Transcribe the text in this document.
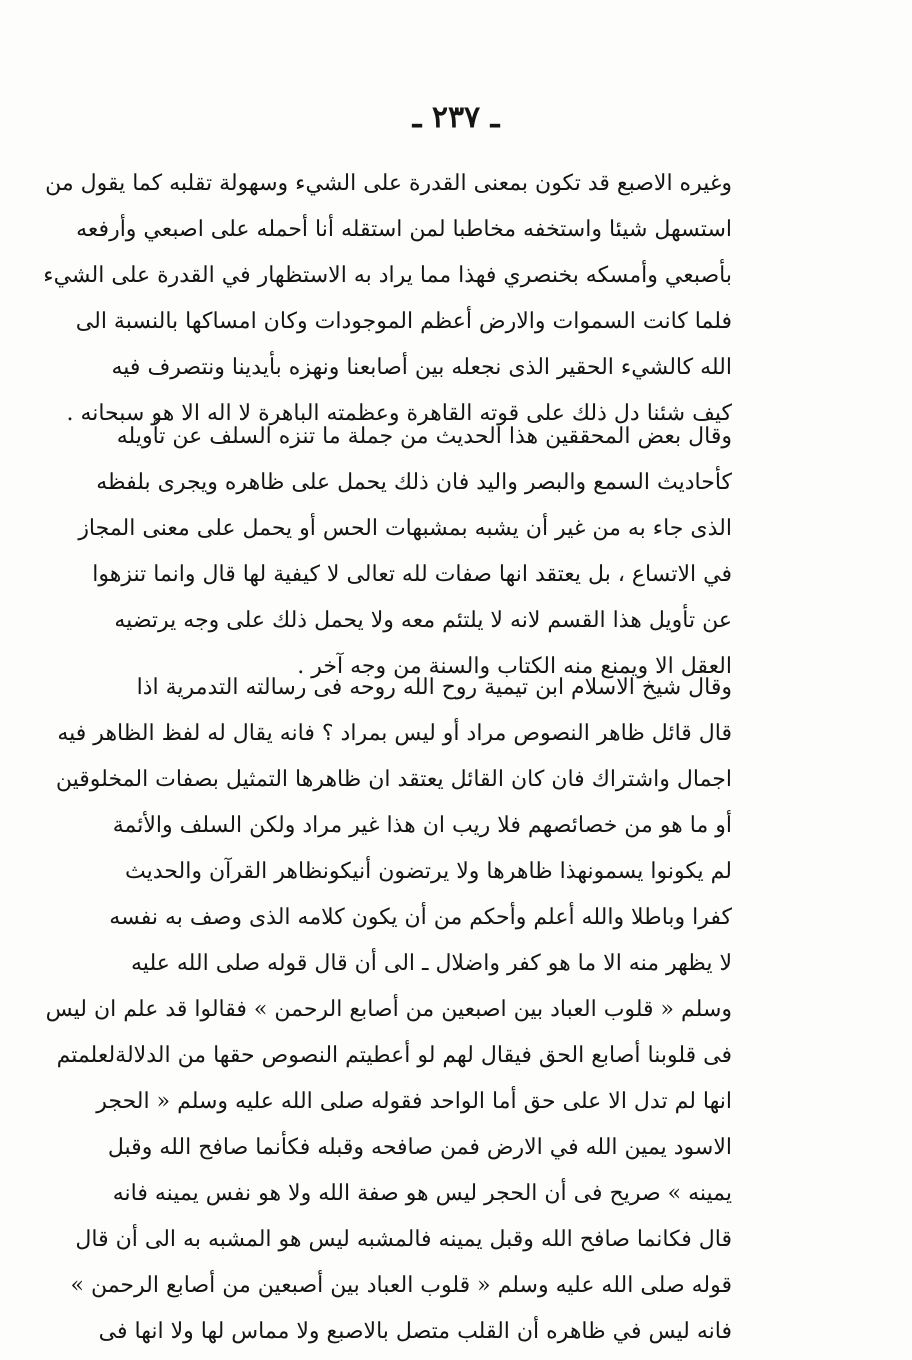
ـ ٢٣٧ ـ
وغيره الاصبع قد تكون بمعنى القدرة على الشيء وسهولة تقلبه كما يقول من
استسهل شيئا واستخفه مخاطبا لمن استقله أنا أحمله على اصبعي وأرفعه
بأصبعي وأمسكه بخنصري فهذا مما يراد به الاستظهار في القدرة على الشيء
فلما كانت السموات والارض أعظم الموجودات وكان امساكها بالنسبة الى
الله كالشيء الحقير الذى نجعله بين أصابعنا ونهزه بأيدينا ونتصرف فيه
كيف شئنا دل ذلك على قوته القاهرة وعظمته الباهرة لا اله الا هو سبحانه .
وقال بعض المحققين هذا الحديث من جملة ما تنزه السلف عن تأويله
كأحاديث السمع والبصر واليد فان ذلك يحمل على ظاهره ويجرى بلفظه
الذى جاء به من غير أن يشبه بمشبهات الحس أو يحمل على معنى المجاز
في الاتساع ، بل يعتقد انها صفات لله تعالى لا كيفية لها قال وانما تنزهوا
عن تأويل هذا القسم لانه لا يلتئم معه ولا يحمل ذلك على وجه يرتضيه
العقل الا ويمنع منه الكتاب والسنة من وجه آخر .
وقال شيخ الاسلام ابن تيمية روح الله روحه فى رسالته التدمرية اذا
قال قائل ظاهر النصوص مراد أو ليس بمراد ؟ فانه يقال له لفظ الظاهر فيه
اجمال واشتراك فان كان القائل يعتقد ان ظاهرها التمثيل بصفات المخلوقين
أو ما هو من خصائصهم فلا ريب ان هذا غير مراد ولكن السلف والأئمة
لم يكونوا يسمونهذا ظاهرها ولا يرتضون أنيكونظاهر القرآن والحديث
كفرا وباطلا والله أعلم وأحكم من أن يكون كلامه الذى وصف به نفسه
لا يظهر منه الا ما هو كفر واضلال ـ الى أن قال قوله صلى الله عليه
وسلم « قلوب العباد بين اصبعين من أصابع الرحمن » فقالوا قد علم ان ليس
فى قلوبنا أصابع الحق فيقال لهم لو أعطيتم النصوص حقها من الدلالةلعلمتم
انها لم تدل الا على حق أما الواحد فقوله صلى الله عليه وسلم « الحجر
الاسود يمين الله في الارض فمن صافحه وقبله فكأنما صافح الله وقبل
يمينه » صريح فى أن الحجر ليس هو صفة الله ولا هو نفس يمينه فانه
قال فكانما صافح الله وقبل يمينه فالمشبه ليس هو المشبه به الى أن قال
قوله صلى الله عليه وسلم « قلوب العباد بين أصبعين من أصابع الرحمن »
فانه ليس في ظاهره أن القلب متصل بالاصبع ولا مماس لها ولا انها فى
